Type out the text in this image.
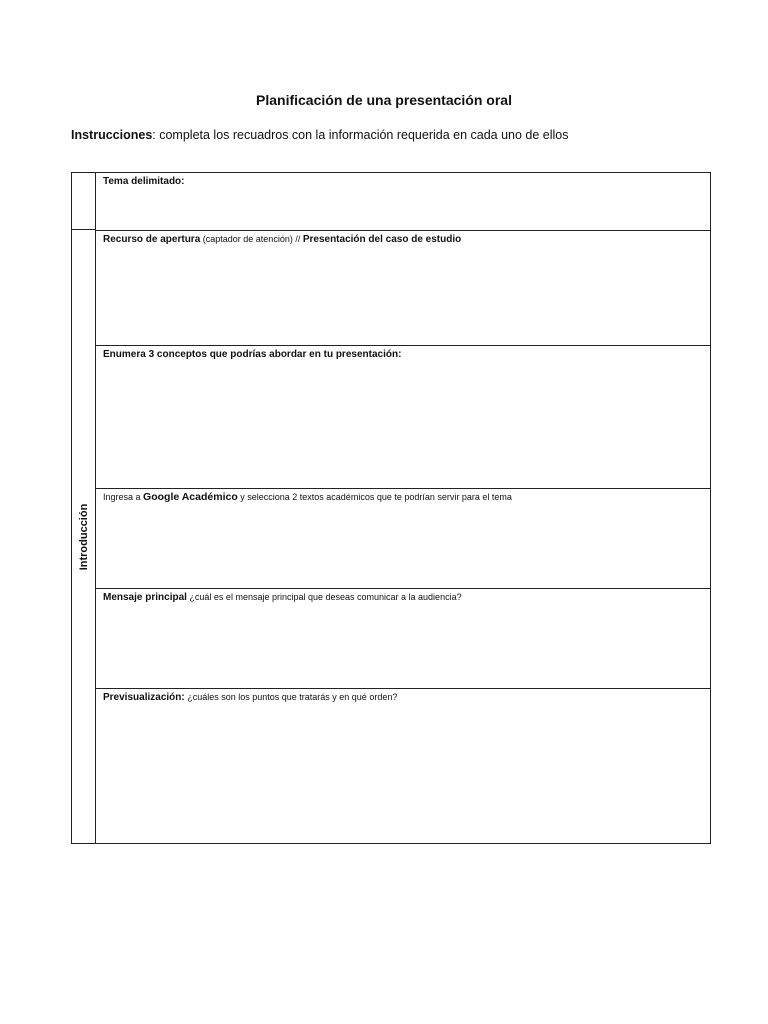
Planificación de una presentación oral
Instrucciones: completa los recuadros con la información requerida en cada uno de ellos
Introducción
Tema delimitado:
Recurso de apertura (captador de atención) // Presentación del caso de estudio
Enumera 3 conceptos que podrías abordar en tu presentación:
Ingresa a Google Académico y selecciona 2 textos académicos que te podrían servir para el tema
Mensaje principal ¿cuál es el mensaje principal que deseas comunicar a la audiencia?
Previsualización: ¿cuáles son los puntos que tratarás y en qué orden?
